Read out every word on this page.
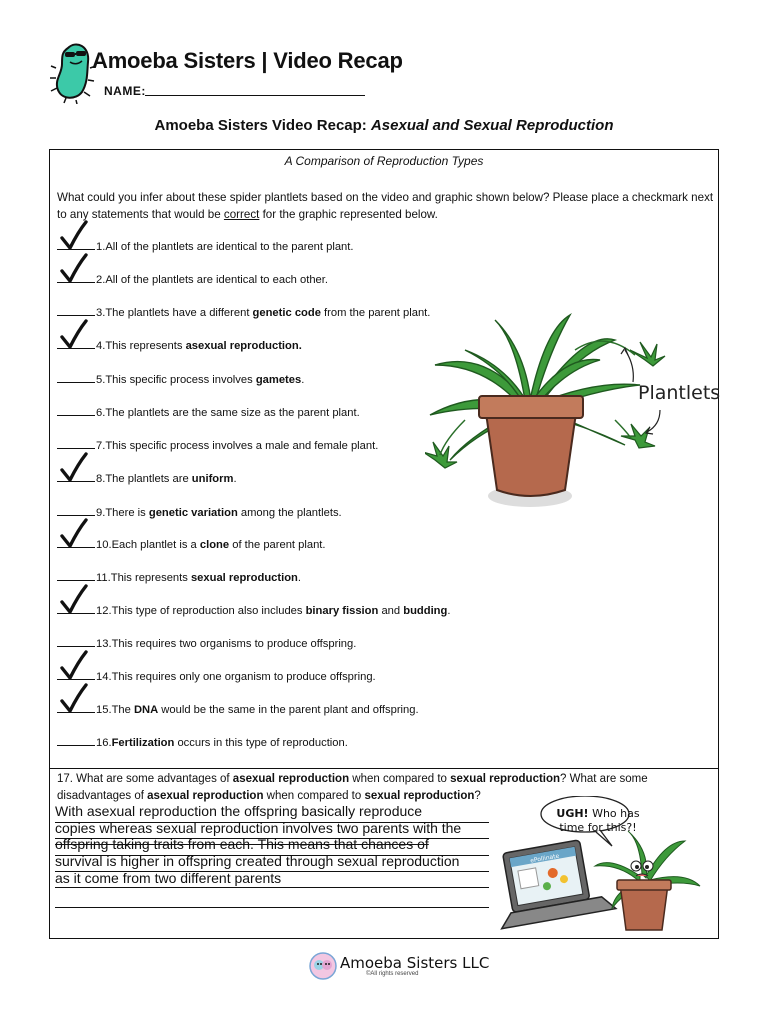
Amoeba Sisters | Video Recap
NAME:
Amoeba Sisters Video Recap: Asexual and Sexual Reproduction
A Comparison of Reproduction Types
What could you infer about these spider plantlets based on the video and graphic shown below? Please place a checkmark next to any statements that would be correct for the graphic represented below.
1.All of the plantlets are identical to the parent plant.
2.All of the plantlets are identical to each other.
3.The plantlets have a different genetic code from the parent plant.
4.This represents asexual reproduction.
5.This specific process involves gametes.
6.The plantlets are the same size as the parent plant.
7.This specific process involves a male and female plant.
8.The plantlets are uniform.
9.There is genetic variation among the plantlets.
10.Each plantlet is a clone of the parent plant.
11.This represents sexual reproduction.
12.This type of reproduction also includes binary fission and budding.
13.This requires two organisms to produce offspring.
14.This requires only one organism to produce offspring.
15.The DNA would be the same in the parent plant and offspring.
16.Fertilization occurs in this type of reproduction.
Plantlets
17. What are some advantages of asexual reproduction when compared to sexual reproduction? What are some disadvantages of asexual reproduction when compared to sexual reproduction?
With asexual reproduction the offspring basically reproduce
copies whereas sexual reproduction involves two parents with the
offspring taking traits from each. This means that chances of
survival is higher in offspring created through sexual reproduction
as it come from two different parents
ePollinate
UGH! Who has time for this?!
Amoeba Sisters LLC
©All rights reserved
